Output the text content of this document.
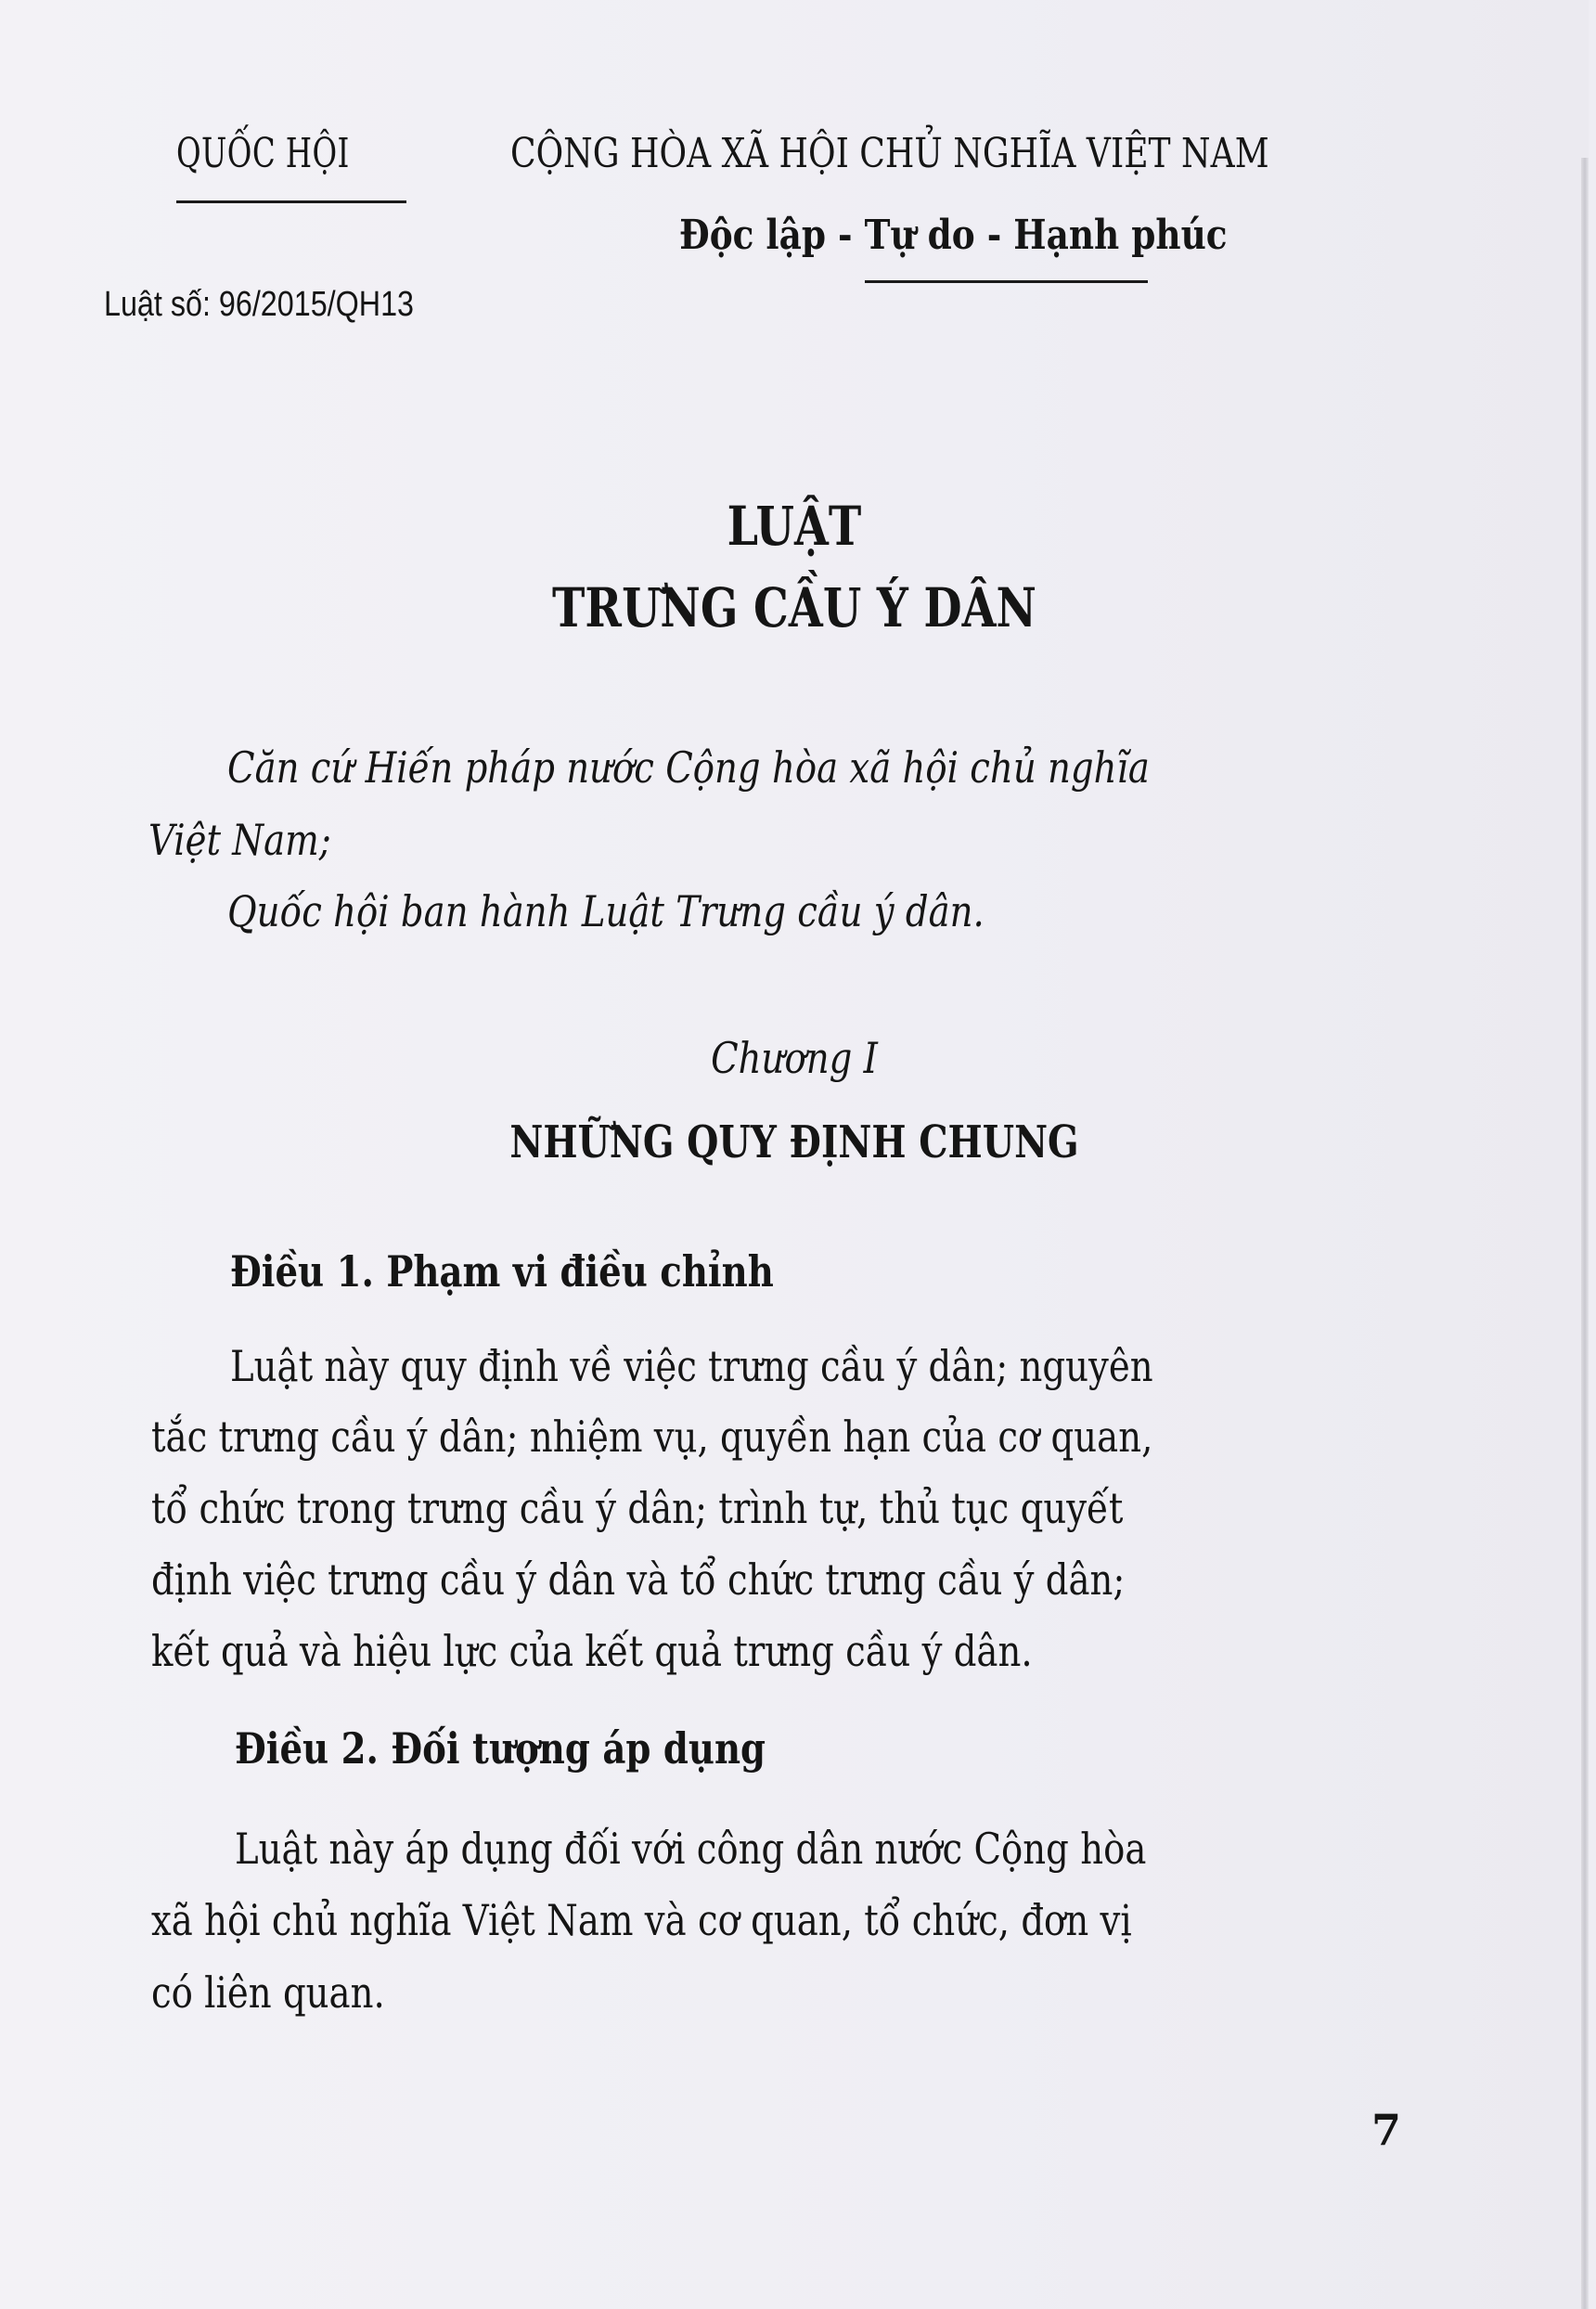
QUỐC HỘI	CỘNG HÒA XÃ HỘI CHỦ NGHĨA VIỆT NAM
Độc lập - Tự do - Hạnh phúc
Luật số: 96/2015/QH13
LUẬT
TRƯNG CẦU Ý DÂN
Căn cứ Hiến pháp nước Cộng hòa xã hội chủ nghĩa
Việt Nam;
Quốc hội ban hành Luật Trưng cầu ý dân.
Chương I
NHỮNG QUY ĐỊNH CHUNG
Điều 1. Phạm vi điều chỉnh
Luật này quy định về việc trưng cầu ý dân; nguyên
tắc trưng cầu ý dân; nhiệm vụ, quyền hạn của cơ quan,
tổ chức trong trưng cầu ý dân; trình tự, thủ tục quyết
định việc trưng cầu ý dân và tổ chức trưng cầu ý dân;
kết quả và hiệu lực của kết quả trưng cầu ý dân.
Điều 2. Đối tượng áp dụng
Luật này áp dụng đối với công dân nước Cộng hòa
xã hội chủ nghĩa Việt Nam và cơ quan, tổ chức, đơn vị
có liên quan.
7
